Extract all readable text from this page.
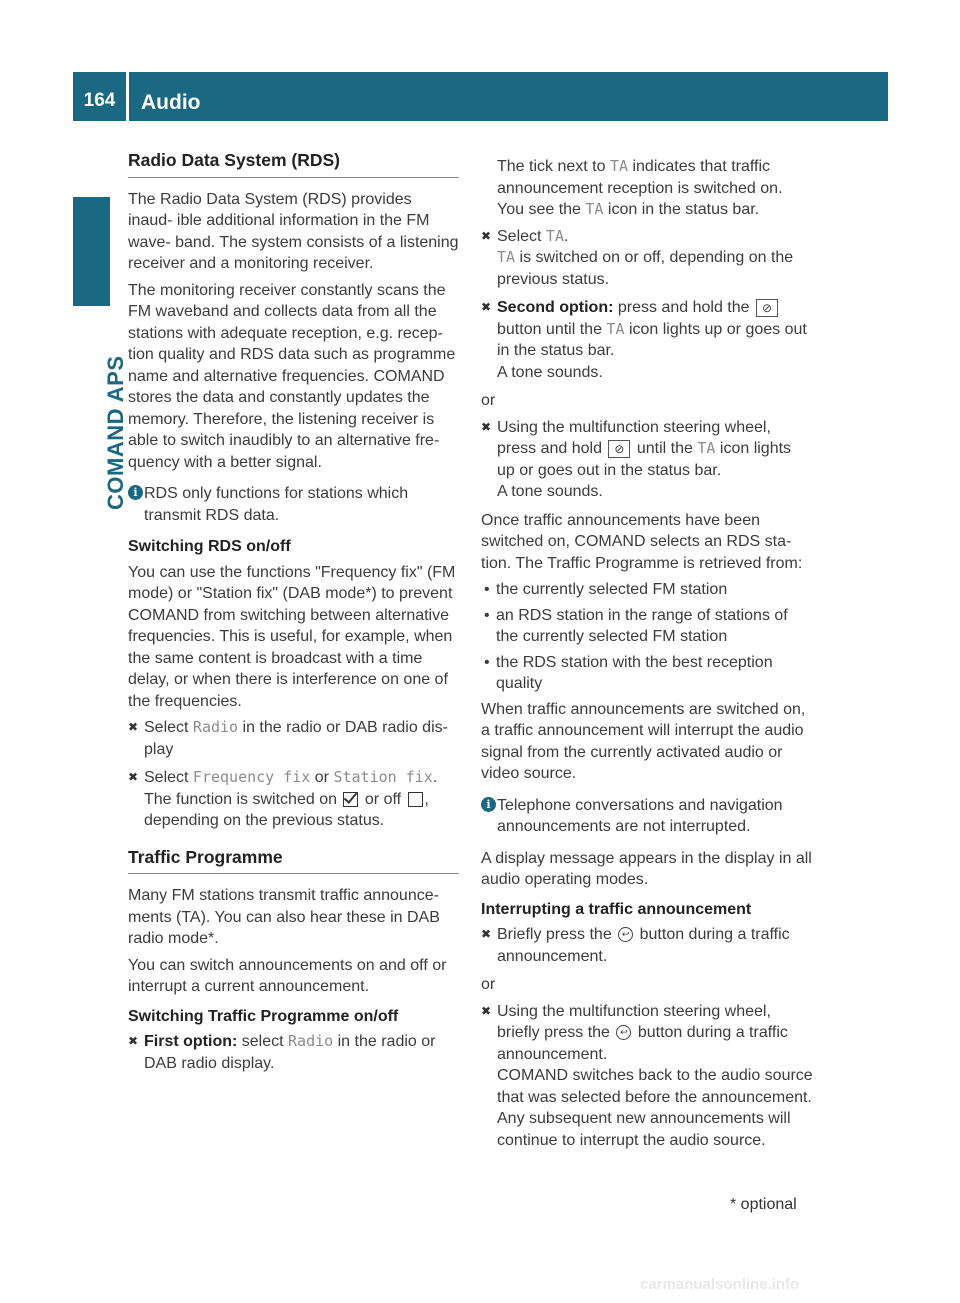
164	Audio
COMAND APS
Radio Data System (RDS)

The Radio Data System (RDS) provides inaud- ible additional information in the FM wave- band. The system consists of a listening receiver and a monitoring receiver.

The monitoring receiver constantly scans the FM waveband and collects data from all the stations with adequate reception, e.g. recep- tion quality and RDS data such as programme name and alternative frequencies. COMAND stores the data and constantly updates the memory. Therefore, the listening receiver is able to switch inaudibly to an alternative fre- quency with a better signal.

i RDS only functions for stations which transmit RDS data.
Switching RDS on/off

You can use the functions "Frequency fix" (FM mode) or "Station fix" (DAB mode*) to prevent COMAND from switching between alternative frequencies. This is useful, for example, when the same content is broadcast with a time delay, or when there is interference on one of the frequencies.

✖ Select Radio in the radio or DAB radio dis- play
✖ Select Frequency fix or Station fix.
The function is switched on or off , depending on the previous status.
Traffic Programme

Many FM stations transmit traffic announce- ments (TA). You can also hear these in DAB radio mode*.

You can switch announcements on and off or interrupt a current announcement.

Switching Traffic Programme on/off
✖ First option: select Radio in the radio or DAB radio display.

The tick next to TA indicates that traffic announcement reception is switched on. You see the TA icon in the status bar.

✖ Select TA.
TA is switched on or off, depending on the previous status.
✖ Second option: press and hold the ⊘ button until the TA icon lights up or goes out in the status bar.
A tone sounds.

or

✖ Using the multifunction steering wheel, press and hold ⊘ until the TA icon lights up or goes out in the status bar.
A tone sounds.

Once traffic announcements have been switched on, COMAND selects an RDS sta- tion. The Traffic Programme is retrieved from:

• the currently selected FM station
• an RDS station in the range of stations of the currently selected FM station
• the RDS station with the best reception quality

When traffic announcements are switched on, a traffic announcement will interrupt the audio signal from the currently activated audio or video source.

i Telephone conversations and navigation announcements are not interrupted.

A display message appears in the display in all audio operating modes.

Interrupting a traffic announcement
✖ Briefly press the ↩ button during a traffic announcement.

or

✖ Using the multifunction steering wheel, briefly press the ↩ button during a traffic announcement.
COMAND switches back to the audio source that was selected before the announcement. Any subsequent new announcements will continue to interrupt the audio source.
* optional
carmanualsonline.info
